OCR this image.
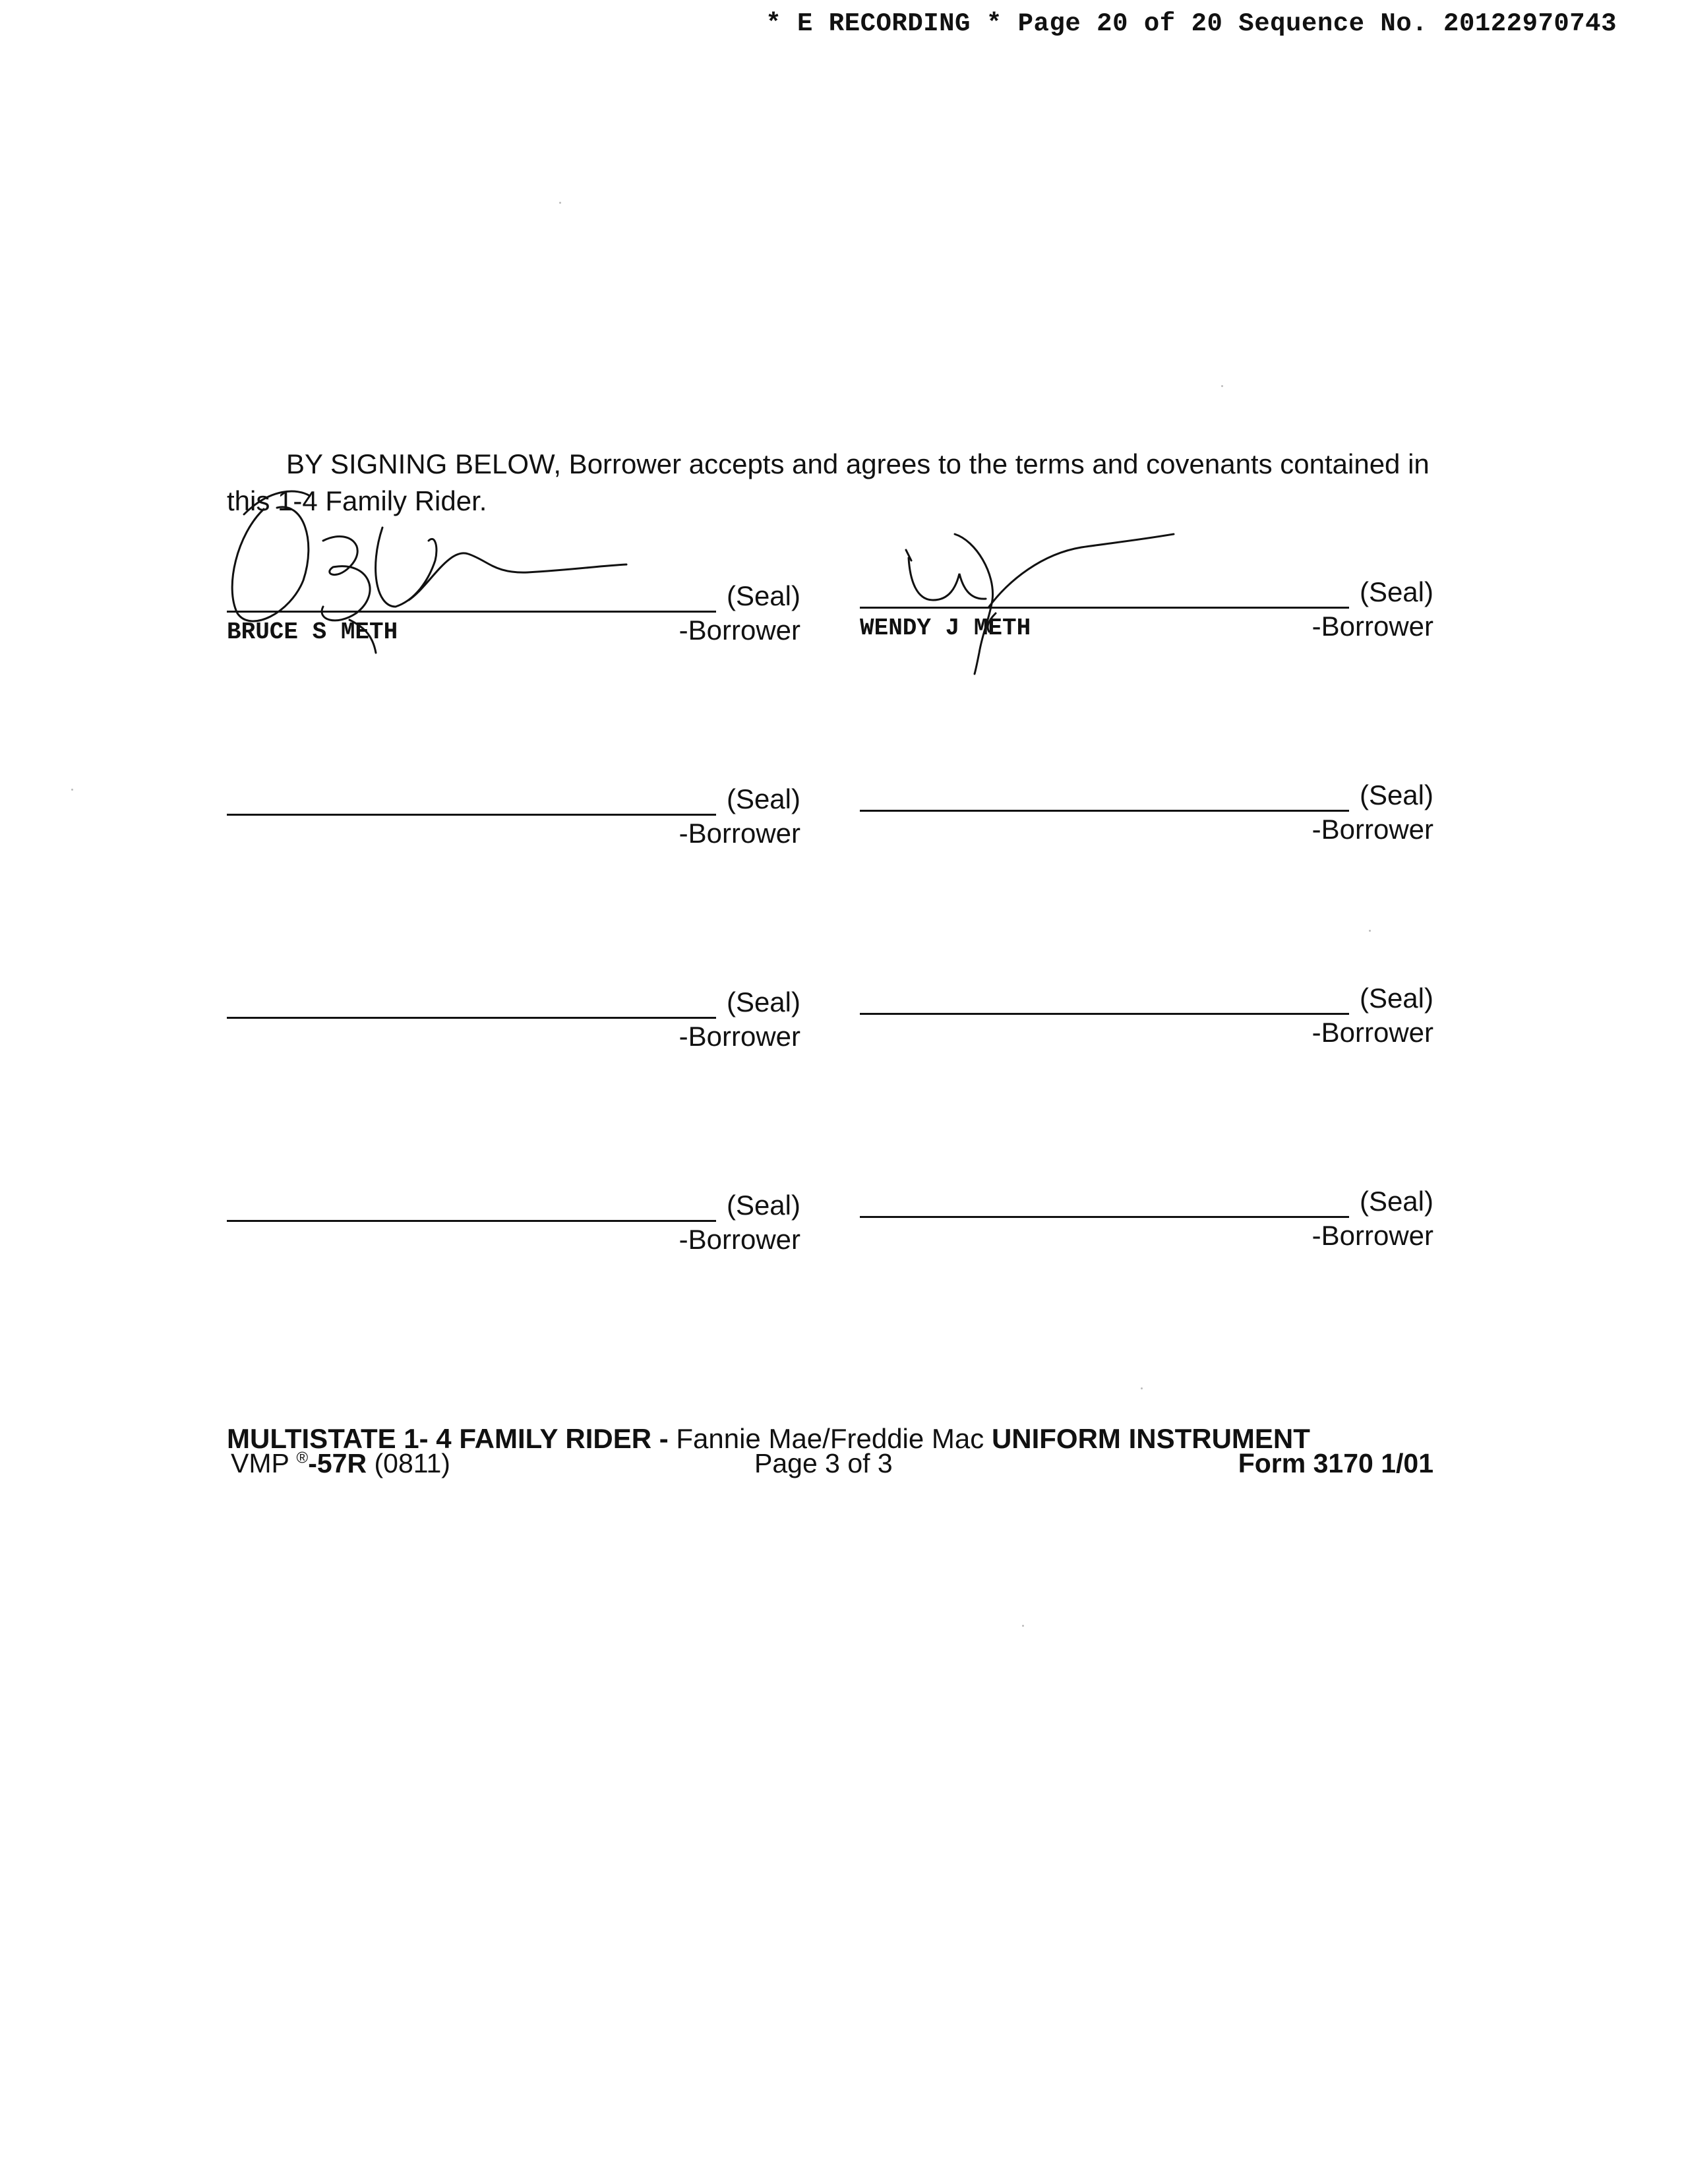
* E RECORDING * Page 20 of 20 Sequence No. 20122970743
BY SIGNING BELOW, Borrower accepts and agrees to the terms and covenants contained in this 1-4 Family Rider.
(Seal)
-Borrower
BRUCE S METH
(Seal)
-Borrower
WENDY J METH
(Seal)
-Borrower
(Seal)
-Borrower
(Seal)
-Borrower
(Seal)
-Borrower
(Seal)
-Borrower
(Seal)
-Borrower
MULTISTATE 1- 4 FAMILY RIDER - Fannie Mae/Freddie Mac UNIFORM INSTRUMENT
VMP ®-57R (0811)	Page 3 of 3	Form 3170 1/01
